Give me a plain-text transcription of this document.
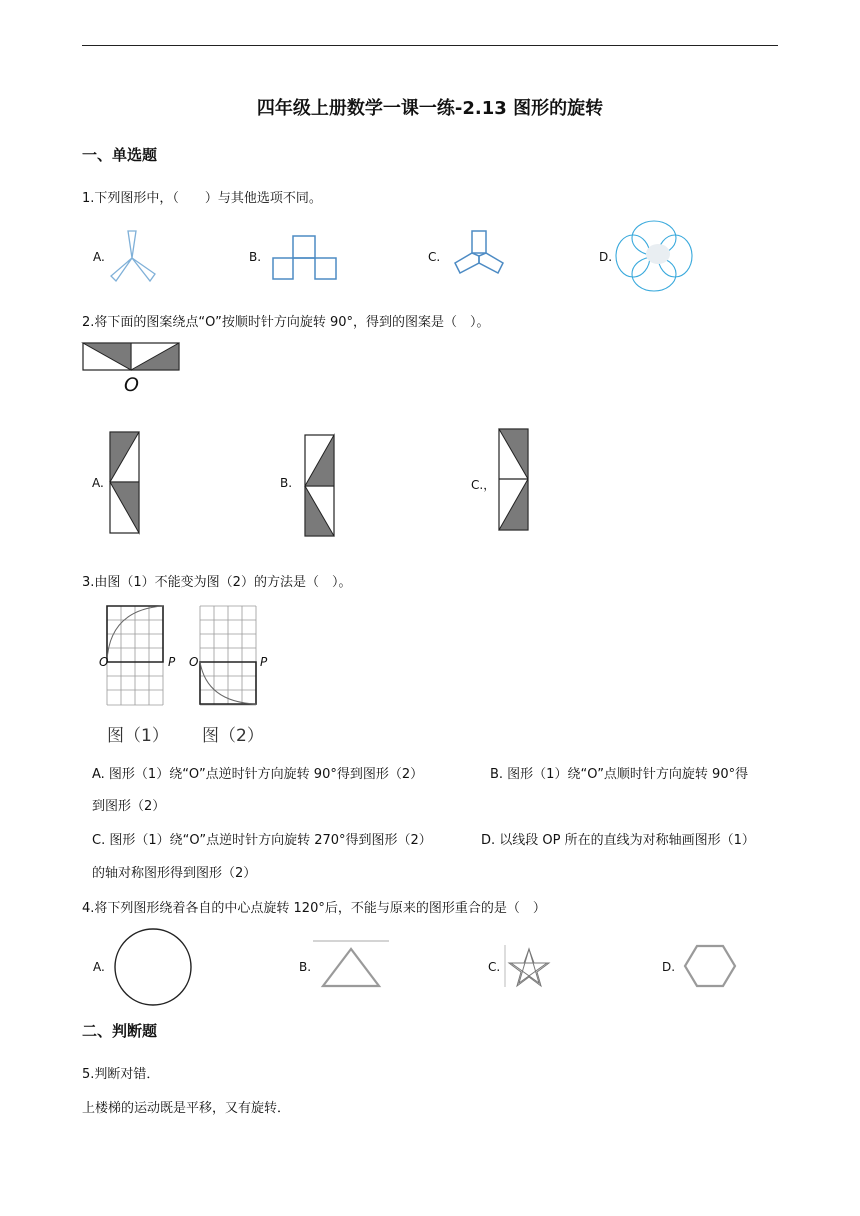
四年级上册数学一课一练-2.13 图形的旋转
一、单选题
1.下列图形中，（　　）与其他选项不同。
A.	B.	C.	D.
2.将下面的图案绕点“O”按顺时针方向旋转 90°，得到的图案是（　）。
O
A.	B.	C.，
3.由图（1）不能变为图（2）的方法是（　）。
O	P O	P
图（1） 图（2）
A. 图形（1）绕“O”点逆时针方向旋转 90°得到图形（2）	B. 图形（1）绕“O”点顺时针方向旋转 90°得
到图形（2）
C. 图形（1）绕“O”点逆时针方向旋转 270°得到图形（2）	D. 以线段 OP 所在的直线为对称轴画图形（1）
的轴对称图形得到图形（2）
4.将下列图形绕着各自的中心点旋转 120°后，不能与原来的图形重合的是（　）
A.	B.	C.	D.
二、判断题
5.判断对错．
上楼梯的运动既是平移，又有旋转．
